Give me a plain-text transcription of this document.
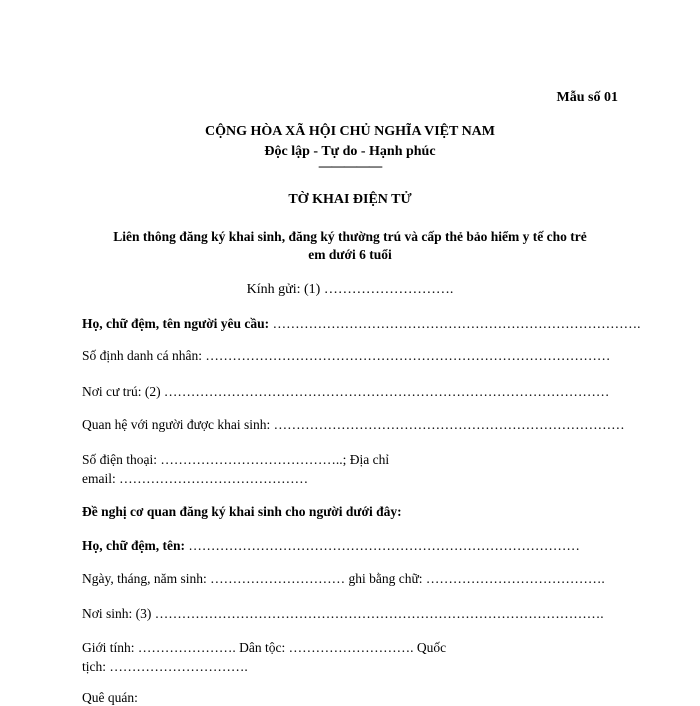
Mẫu số 01
CỘNG HÒA XÃ HỘI CHỦ NGHĨA VIỆT NAM
Độc lập - Tự do - Hạnh phúc
—————
TỜ KHAI ĐIỆN TỬ
Liên thông đăng ký khai sinh, đăng ký thường trú và cấp thẻ bảo hiểm y tế cho trẻ
em dưới 6 tuổi
Kính gửi: (1) ……………………….
Họ, chữ đệm, tên người yêu cầu: ……………………………………………………………………….
Số định danh cá nhân: ………………………………………………………………………………
Nơi cư trú: (2) ………………………………………………………………………………………
Quan hệ với người được khai sinh: ……………………………………………………………………
Số điện thoại: …………………………………..; Địa chỉ
email: ……………………………………
Đề nghị cơ quan đăng ký khai sinh cho người dưới đây:
Họ, chữ đệm, tên: ……………………………………………………………………………
Ngày, tháng, năm sinh: ………………………… ghi bằng chữ: ………………………………….
Nơi sinh: (3) ……………………………………………………………………………………….
Giới tính: …………………. Dân tộc: ………………………. Quốc
tịch: ………………………….
Quê quán:
